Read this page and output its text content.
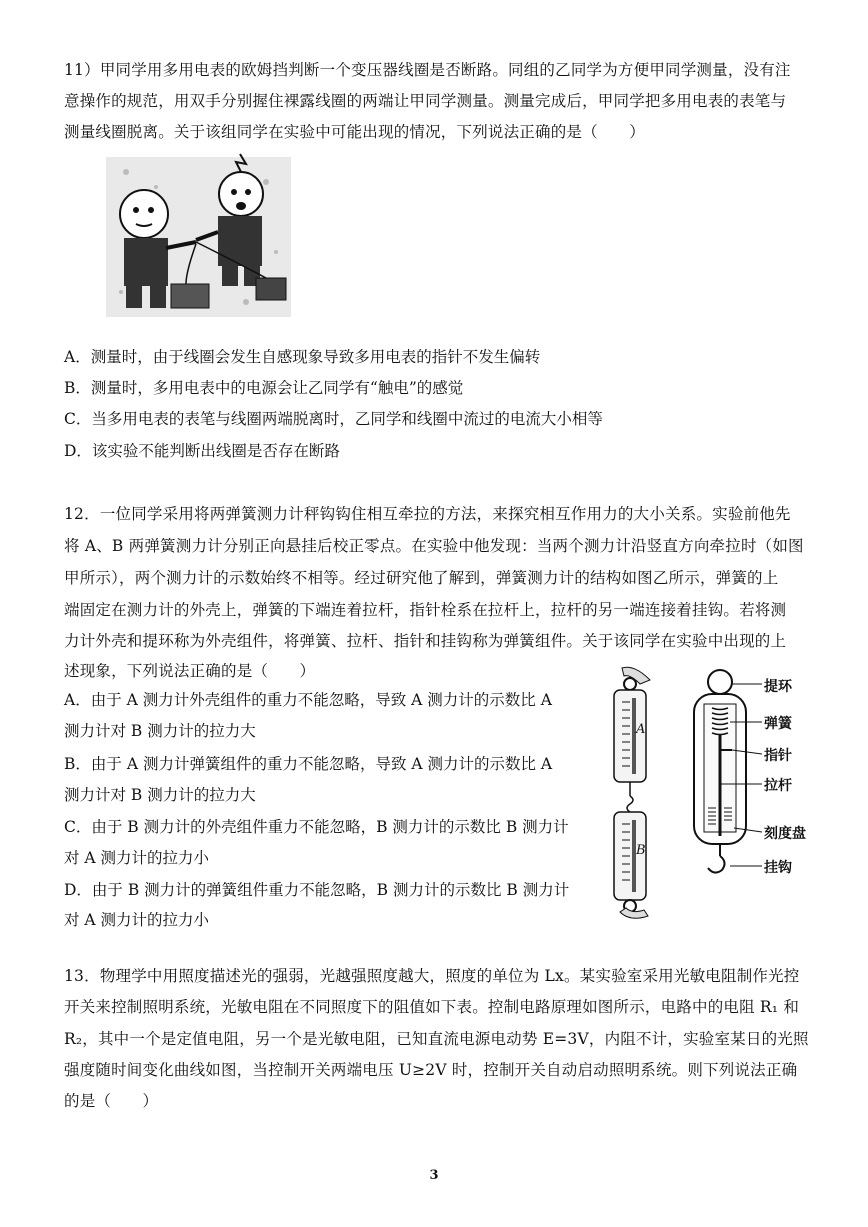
11）甲同学用多用电表的欧姆挡判断一个变压器线圈是否断路。同组的乙同学为方便甲同学测量，没有注
意操作的规范，用双手分别握住裸露线圈的两端让甲同学测量。测量完成后，甲同学把多用电表的表笔与
测量线圈脱离。关于该组同学在实验中可能出现的情况，下列说法正确的是（　　）
A．测量时，由于线圈会发生自感现象导致多用电表的指针不发生偏转
B．测量时，多用电表中的电源会让乙同学有“触电”的感觉
C．当多用电表的表笔与线圈两端脱离时，乙同学和线圈中流过的电流大小相等
D．该实验不能判断出线圈是否存在断路
12．一位同学采用将两弹簧测力计秤钩钩住相互牵拉的方法，来探究相互作用力的大小关系。实验前他先
将 A、B 两弹簧测力计分别正向悬挂后校正零点。在实验中他发现：当两个测力计沿竖直方向牵拉时（如图
甲所示），两个测力计的示数始终不相等。经过研究他了解到，弹簧测力计的结构如图乙所示，弹簧的上
端固定在测力计的外壳上，弹簧的下端连着拉杆，指针栓系在拉杆上，拉杆的另一端连接着挂钩。若将测
力计外壳和提环称为外壳组件，将弹簧、拉杆、指针和挂钩称为弹簧组件。关于该同学在实验中出现的上
述现象，下列说法正确的是（　　）
A．由于 A 测力计外壳组件的重力不能忽略，导致 A 测力计的示数比 A
测力计对 B 测力计的拉力大
B．由于 A 测力计弹簧组件的重力不能忽略，导致 A 测力计的示数比 A
测力计对 B 测力计的拉力大
C．由于 B 测力计的外壳组件重力不能忽略，B 测力计的示数比 B 测力计
对 A 测力计的拉力小
D．由于 B 测力计的弹簧组件重力不能忽略，B 测力计的示数比 B 测力计
对 A 测力计的拉力小
A
B
提环
弹簧
指针
拉杆
刻度盘
挂钩
13．物理学中用照度描述光的强弱，光越强照度越大，照度的单位为 Lx。某实验室采用光敏电阻制作光控
开关来控制照明系统，光敏电阻在不同照度下的阻值如下表。控制电路原理如图所示，电路中的电阻 R₁ 和
R₂，其中一个是定值电阻，另一个是光敏电阻，已知直流电源电动势 E=3V，内阻不计，实验室某日的光照
强度随时间变化曲线如图，当控制开关两端电压 U≥2V 时，控制开关自动启动照明系统。则下列说法正确
的是（　　）
3
